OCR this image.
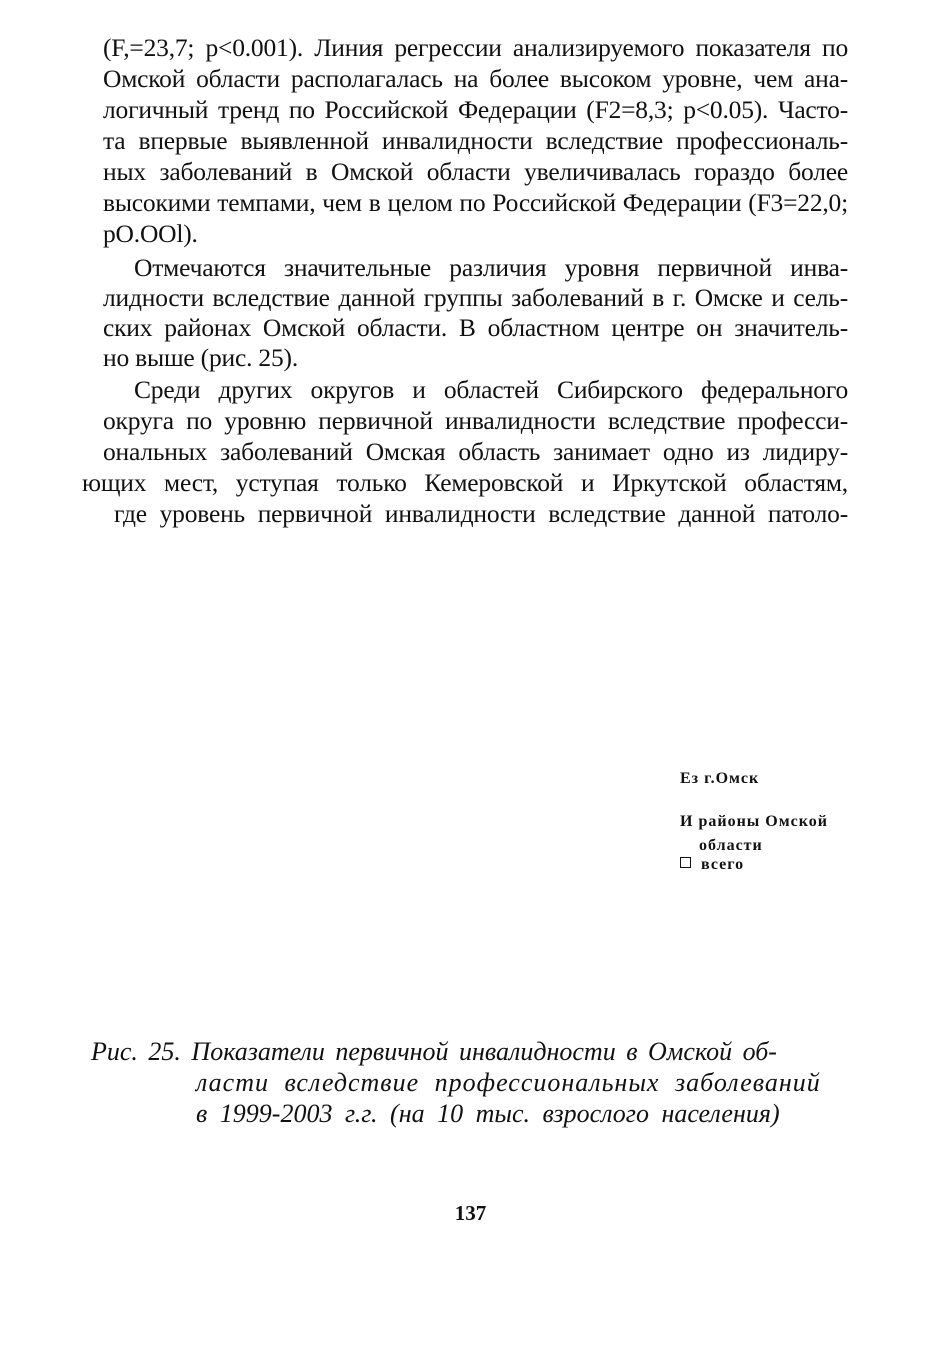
(F,=23,7; p<0.001). Линия регрессии анализируемого показателя по
Омской области располагалась на более высоком уровне, чем ана-
логичный тренд по Российской Федерации (F2=8,3; p<0.05). Часто-
та впервые выявленной инвалидности вследствие профессиональ-
ных заболеваний в Омской области увеличивалась гораздо более
высокими темпами, чем в целом по Российской Федерации (F3=22,0;
pO.OOl).
Отмечаются значительные различия уровня первичной инва-
лидности вследствие данной группы заболеваний в г. Омске и сель-
ских районах Омской области. В областном центре он значитель-
но выше (рис. 25).
Среди других округов и областей Сибирского федерального
округа по уровню первичной инвалидности вследствие професси-
ональных заболеваний Омская область занимает одно из лидиру-
ющих мест, уступая только Кемеровской и Иркутской областям,
где уровень первичной инвалидности вследствие данной патоло-
Ез г.Омск
И районы Омской
области
всего
Рис. 25. Показатели первичной инвалидности в Омской об-
ласти вследствие профессиональных заболеваний
в 1999-2003 г.г. (на 10 тыс. взрослого населения)
137
